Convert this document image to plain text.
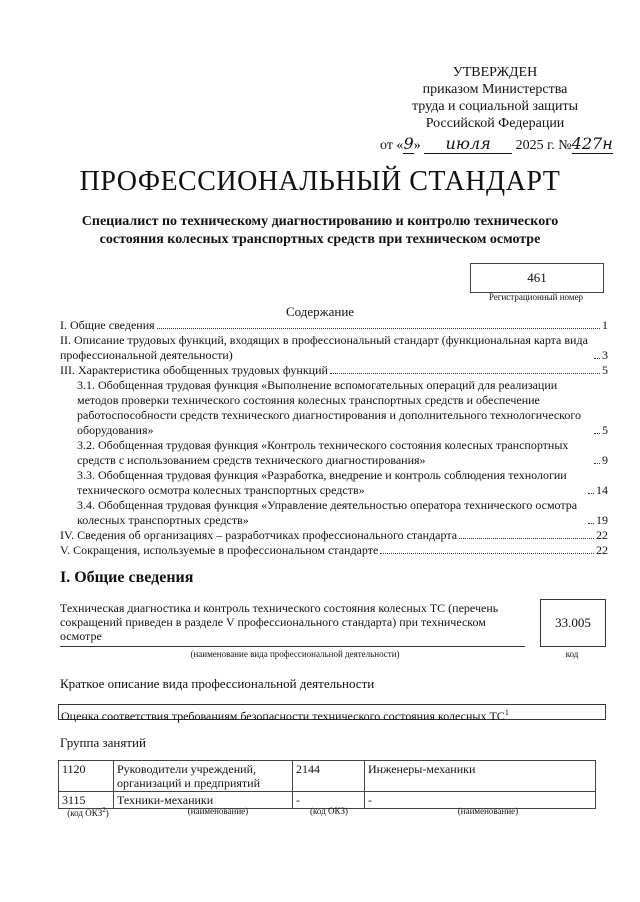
УТВЕРЖДЕН
приказом Министерства
труда и социальной защиты
Российской Федерации
от «9» июля 2025 г. №427н
ПРОФЕССИОНАЛЬНЫЙ СТАНДАРТ
Специалист по техническому диагностированию и контролю технического состояния колесных транспортных средств при техническом осмотре
461
Регистрационный номер
Содержание
I. Общие сведения	1
II. Описание трудовых функций, входящих в профессиональный стандарт (функциональная карта вида профессиональной деятельности)	3
III. Характеристика обобщенных трудовых функций	5
3.1. Обобщенная трудовая функция «Выполнение вспомогательных операций для реализации методов проверки технического состояния колесных транспортных средств и обеспечение работоспособности средств технического диагностирования и дополнительного технологического оборудования»	5
3.2. Обобщенная трудовая функция «Контроль технического состояния колесных транспортных средств с использованием средств технического диагностирования»	9
3.3. Обобщенная трудовая функция «Разработка, внедрение и контроль соблюдения технологии технического осмотра колесных транспортных средств»	14
3.4. Обобщенная трудовая функция «Управление деятельностью оператора технического осмотра колесных транспортных средств»	19
IV. Сведения об организациях – разработчиках профессионального стандарта	22
V. Сокращения, используемые в профессиональном стандарте	22
I. Общие сведения
Техническая диагностика и контроль технического состояния колесных ТС (перечень сокращений приведен в разделе V профессионального стандарта) при техническом осмотре
33.005
(наименование вида профессиональной деятельности)	код
Краткое описание вида профессиональной деятельности
Оценка соответствия требованиям безопасности технического состояния колесных $ТС^1$
Группа занятий
1120	Руководители учреждений, организаций и предприятий	2144	Инженеры-механики
3115	Техники-механики	-	-
(код ОКЗ$^2$)	(наименование)	(код ОКЗ)	(наименование)
